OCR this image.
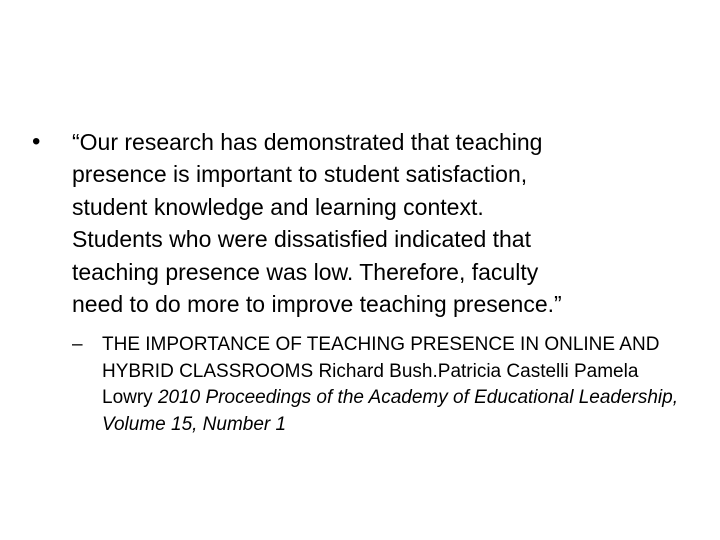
• “Our research has demonstrated that teaching
presence is important to student satisfaction,
student knowledge and learning context.
Students who were dissatisfied indicated that
teaching presence was low. Therefore, faculty
need to do more to improve teaching presence.”

– THE IMPORTANCE OF TEACHING PRESENCE IN ONLINE AND HYBRID CLASSROOMS Richard Bush.Patricia Castelli Pamela Lowry 2010 Proceedings of the Academy of Educational Leadership, Volume 15, Number 1
